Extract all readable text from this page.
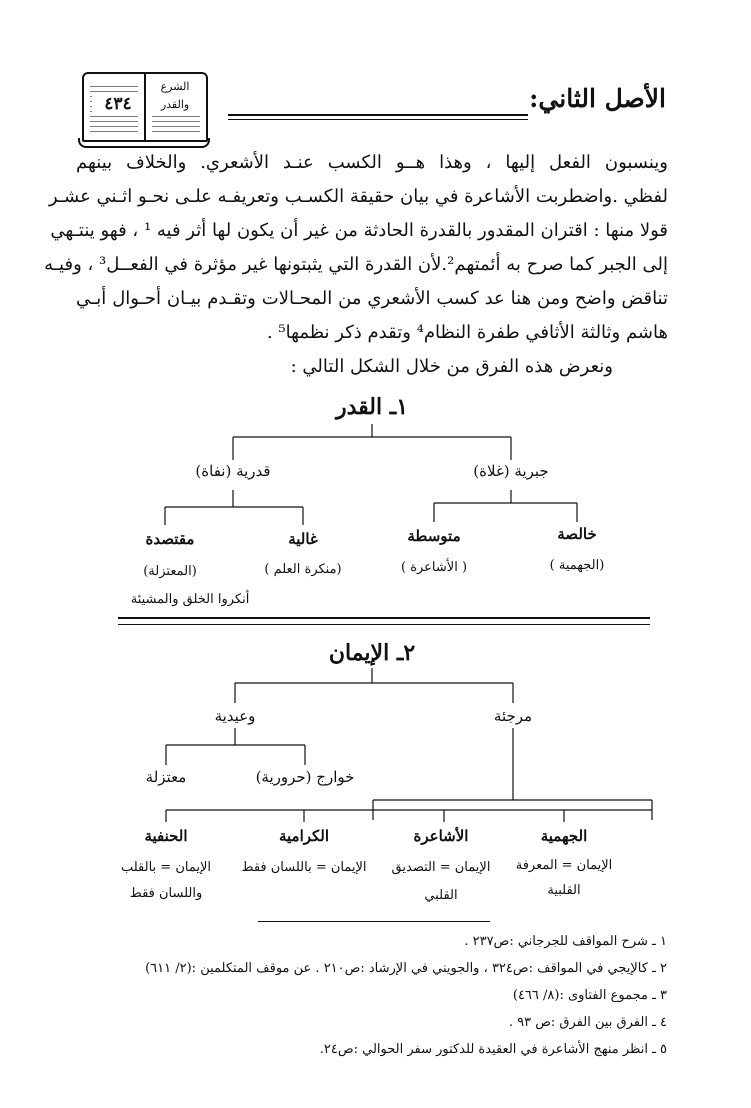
٤٣٤
الشرع
والقدر	الأصل الثاني:
وينسبون الفعل إليها ، وهذا هــو الكسب عنـد الأشعري. والخلاف بينهم
لفظي .واضطربت الأشاعرة في بيان حقيقة الكسـب وتعريفـه علـى نحـو اثـني عشـر
قولا منها : اقتران المقدور بالقدرة الحادثة من غير أن يكون لها أثر فيه ¹ ، فهو ينتـهي
إلى الجبر كما صرح به أئمتهم².لأن القدرة التي يثبتونها غير مؤثرة في الفعــل³ ، وفيـه
تناقض واضح ومن هنا عد كسب الأشعري من المحـالات وتقـدم بيـان أحـوال أبـي
هاشم وثالثة الأثافي طفرة النظام⁴ وتقدم ذكر نظمها⁵ .
ونعرض هذه الفرق من خلال الشكل التالي :
١ـ القدر
جبرية (غلاة)
قدرية (نفاة)
خالصة
(الجهمية )
متوسطة
( الأشاعرة )
غالية
(منكرة العلم )
مقتصدة
(المعتزلة)
أنكروا الخلق والمشيئة
٢ـ الإيمان
مرجئة
وعيدية
خوارج (حرورية)
معتزلة
الجهمية
الإيمان = المعرفة
القلبية
الأشاعرة
الإيمان = التصديق
القلبي
الكرامية
الإيمان = باللسان فقط
الحنفية
الإيمان = بالقلب
واللسان فقط
١ ـ شرح المواقف للجرجاني :ص٢٣٧ .
٢ ـ كالإيجي في المواقف :ص٣٢٤ ، والجويني في الإرشاد :ص٢١٠ . عن موقف المتكلمين :(٢/ ٦١١)
٣ ـ مجموع الفتاوى :(٨/ ٤٦٦)
٤ ـ الفرق بين الفرق :ص ٩٣ .
٥ ـ انظر منهج الأشاعرة في العقيدة للدكتور سفر الحوالي :ص٢٤.
